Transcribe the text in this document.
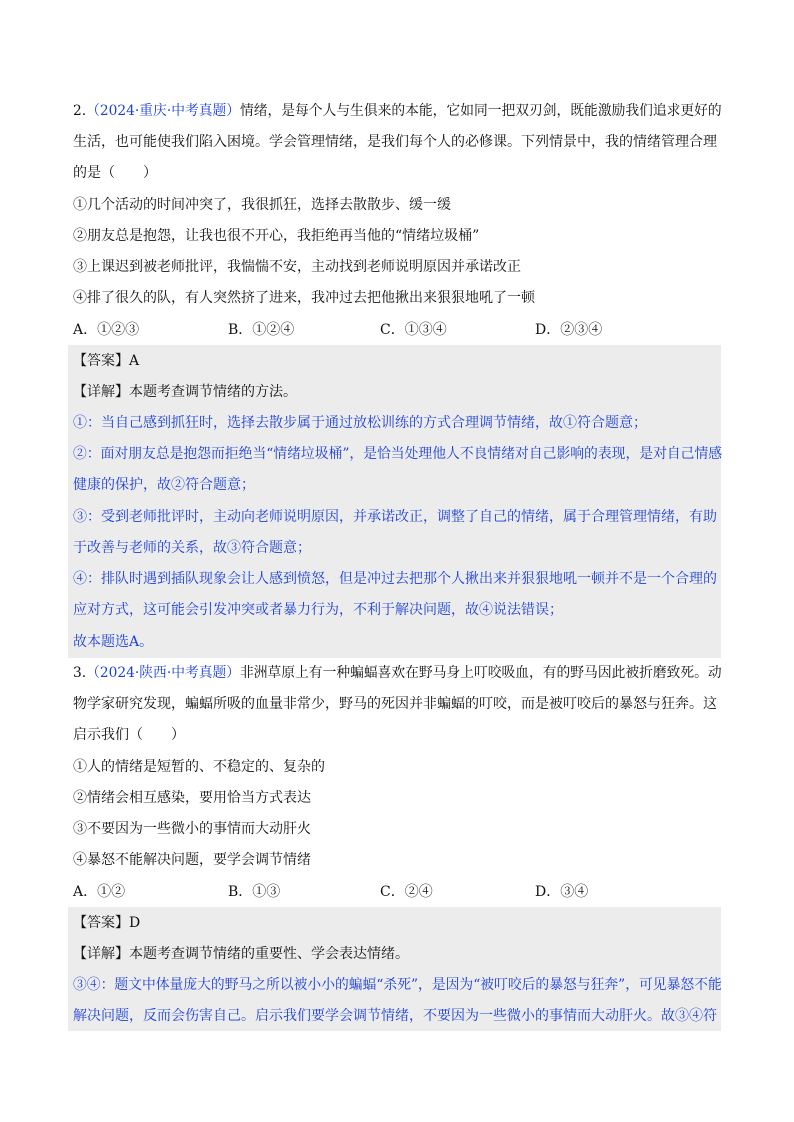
2.（2024·重庆·中考真题）情绪，是每个人与生俱来的本能，它如同一把双刃剑，既能激励我们追求更好的
生活，也可能使我们陷入困境。学会管理情绪，是我们每个人的必修课。下列情景中，我的情绪管理合理
的是（　　）
①几个活动的时间冲突了，我很抓狂，选择去散散步、缓一缓
②朋友总是抱怨，让我也很不开心，我拒绝再当他的“情绪垃圾桶”
③上课迟到被老师批评，我惴惴不安，主动找到老师说明原因并承诺改正
④排了很久的队，有人突然挤了进来，我冲过去把他揪出来狠狠地吼了一顿
A．①②③	B．①②④	C．①③④	D．②③④
【答案】A
【详解】本题考查调节情绪的方法。
①：当自己感到抓狂时，选择去散步属于通过放松训练的方式合理调节情绪，故①符合题意；
②：面对朋友总是抱怨而拒绝当“情绪垃圾桶”，是恰当处理他人不良情绪对自己影响的表现，是对自己情感
健康的保护，故②符合题意；
③：受到老师批评时，主动向老师说明原因，并承诺改正，调整了自己的情绪，属于合理管理情绪，有助
于改善与老师的关系，故③符合题意；
④：排队时遇到插队现象会让人感到愤怒，但是冲过去把那个人揪出来并狠狠地吼一顿并不是一个合理的
应对方式，这可能会引发冲突或者暴力行为，不利于解决问题，故④说法错误；
故本题选A。
3.（2024·陕西·中考真题）非洲草原上有一种蝙蝠喜欢在野马身上叮咬吸血，有的野马因此被折磨致死。动
物学家研究发现，蝙蝠所吸的血量非常少，野马的死因并非蝙蝠的叮咬，而是被叮咬后的暴怒与狂奔。这
启示我们（　　）
①人的情绪是短暂的、不稳定的、复杂的
②情绪会相互感染，要用恰当方式表达
③不要因为一些微小的事情而大动肝火
④暴怒不能解决问题，要学会调节情绪
A．①②	B．①③	C．②④	D．③④
【答案】D
【详解】本题考查调节情绪的重要性、学会表达情绪。
③④：题文中体量庞大的野马之所以被小小的蝙蝠“杀死”，是因为“被叮咬后的暴怒与狂奔”，可见暴怒不能
解决问题，反而会伤害自己。启示我们要学会调节情绪，不要因为一些微小的事情而大动肝火。故③④符
